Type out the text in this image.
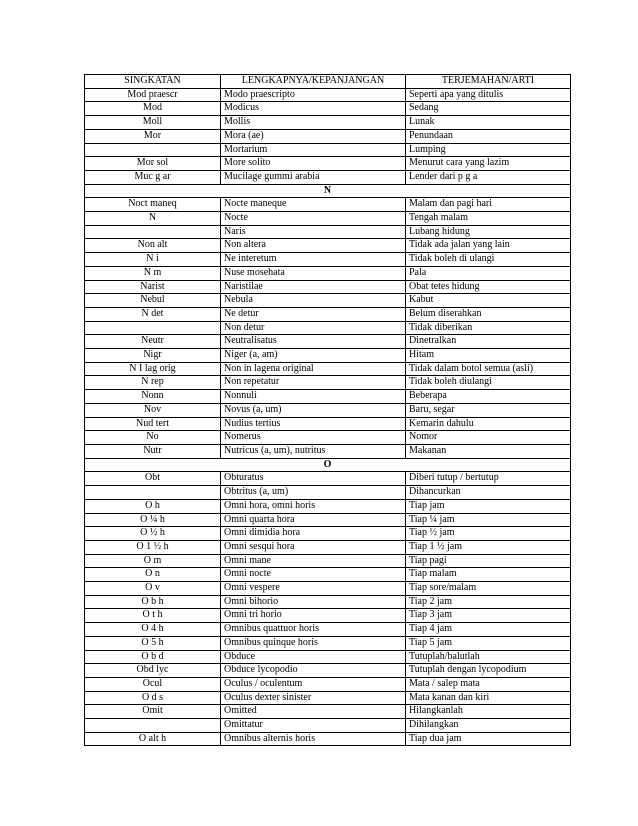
SINGKATAN	LENGKAPNYA/KEPANJANGAN	TERJEMAHAN/ARTI
Mod praescr	Modo praescripto	Seperti apa yang ditulis
Mod	Modicus	Sedang
Moll	Mollis	Lunak
Mor	Mora (ae)	Penundaan
	Mortarium	Lumping
Mor sol	More solito	Menurut cara yang lazim
Muc g ar	Mucilage gummi arabia	Lender dari p g a
N		
Noct maneq	Nocte maneque	Malam dan pagi hari
N	Nocte	Tengah malam
	Naris	Lubang hidung
Non alt	Non altera	Tidak ada jalan yang lain
N i	Ne interetum	Tidak boleh di ulangi
N m	Nuse mosehata	Pala
Narist	Naristilae	Obat tetes hidung
Nebul	Nebula	Kabut
N det	Ne detur	Belum diserahkan
	Non detur	Tidak diberikan
Neutr	Neutralisatus	Dinetralkan
Nigr	Niger (a, am)	Hitam
N I lag orig	Non in lagena original	Tidak dalam botol semua (asli)
N rep	Non repetatur	Tidak boleh diulangi
Nonn	Nonnuli	Beberapa
Nov	Novus (a, um)	Baru, segar
Nud tert	Nudius tertius	Kemarin dahulu
No	Nomerus	Nomor
Nutr	Nutricus (a, um), nutritus	Makanan
O		
Obt	Obturatus	Diberi tutup / bertutup
	Obtritus (a, um)	Dihancurkan
O h	Omni hora, omni horis	Tiap jam
O ¼ h	Omni quarta hora	Tiap ¼ jam
O ½ h	Omni dimidia hora	Tiap ½ jam
O 1 ½ h	Omni sesqui hora	Tiap 1 ½ jam
O m	Omni mane	Tiap pagi
O n	Omni nocte	Tiap malam
O v	Omni vespere	Tiap sore/malam
O b h	Omni bihorio	Tiap 2 jam
O t h	Omni tri horio	Tiap 3 jam
O 4 h	Omnibus quattuor horis	Tiap 4 jam
O 5 h	Omnibus quinque horis	Tiap 5 jam
O b d	Obduce	Tutuplah/balutlah
Obd lyc	Obduce lycopodio	Tutuplah dengan lycopodium
Ocul	Oculus / oculentum	Mata / salep mata
O d s	Oculus dexter sinister	Mata kanan dan kiri
Omit	Omitted	Hilangkanlah
	Omittatur	Dihilangkan
O alt h	Omnibus alternis horis	Tiap dua jam
